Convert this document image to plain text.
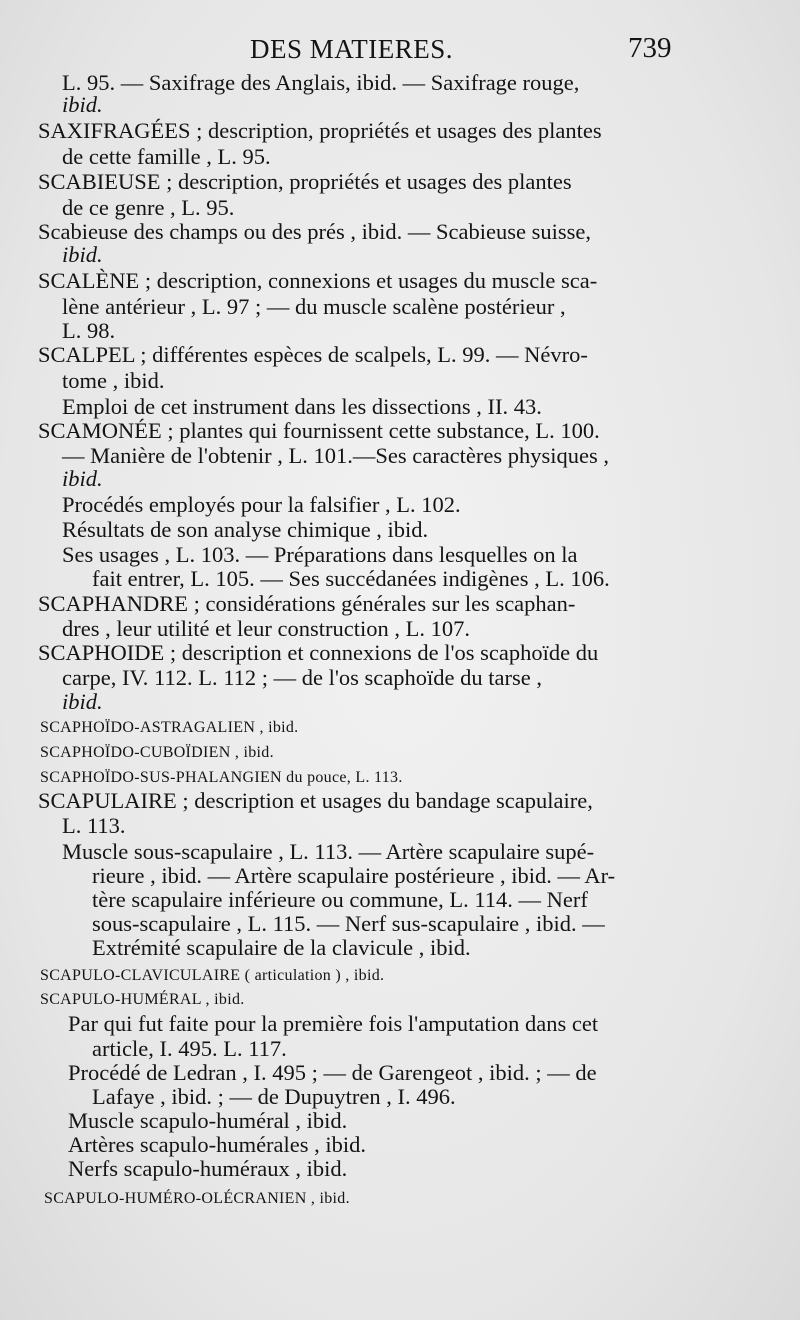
DES MATIERES.	739
L. 95. — Saxifrage des Anglais, ibid. — Saxifrage rouge,
ibid.
SAXIFRAGÉES ; description, propriétés et usages des plantes
de cette famille , L. 95.
SCABIEUSE ; description, propriétés et usages des plantes
de ce genre , L. 95.
Scabieuse des champs ou des prés , ibid. — Scabieuse suisse,
ibid.
SCALÈNE ; description, connexions et usages du muscle sca-
lène antérieur , L. 97 ; — du muscle scalène postérieur ,
L. 98.
SCALPEL ; différentes espèces de scalpels, L. 99. — Névro-
tome , ibid.
Emploi de cet instrument dans les dissections , II. 43.
SCAMONÉE ; plantes qui fournissent cette substance, L. 100.
— Manière de l'obtenir , L. 101.—Ses caractères physiques ,
ibid.
Procédés employés pour la falsifier , L. 102.
Résultats de son analyse chimique , ibid.
Ses usages , L. 103. — Préparations dans lesquelles on la
fait entrer, L. 105. — Ses succédanées indigènes , L. 106.
SCAPHANDRE ; considérations générales sur les scaphan-
dres , leur utilité et leur construction , L. 107.
SCAPHOIDE ; description et connexions de l'os scaphoïde du
carpe, IV. 112. L. 112 ; — de l'os scaphoïde du tarse ,
ibid.
SCAPHOÏDO-ASTRAGALIEN , ibid.
SCAPHOÏDO-CUBOÏDIEN , ibid.
SCAPHOÏDO-SUS-PHALANGIEN du pouce, L. 113.
SCAPULAIRE ; description et usages du bandage scapulaire,
L. 113.
Muscle sous-scapulaire , L. 113. — Artère scapulaire supé-
rieure , ibid. — Artère scapulaire postérieure , ibid. — Ar-
tère scapulaire inférieure ou commune, L. 114. — Nerf
sous-scapulaire , L. 115. — Nerf sus-scapulaire , ibid. —
Extrémité scapulaire de la clavicule , ibid.
SCAPULO-CLAVICULAIRE ( articulation ) , ibid.
SCAPULO-HUMÉRAL , ibid.
Par qui fut faite pour la première fois l'amputation dans cet
article, I. 495. L. 117.
Procédé de Ledran , I. 495 ; — de Garengeot , ibid. ; — de
Lafaye , ibid. ; — de Dupuytren , I. 496.
Muscle scapulo-huméral , ibid.
Artères scapulo-humérales , ibid.
Nerfs scapulo-huméraux , ibid.
SCAPULO-HUMÉRO-OLÉCRANIEN , ibid.
